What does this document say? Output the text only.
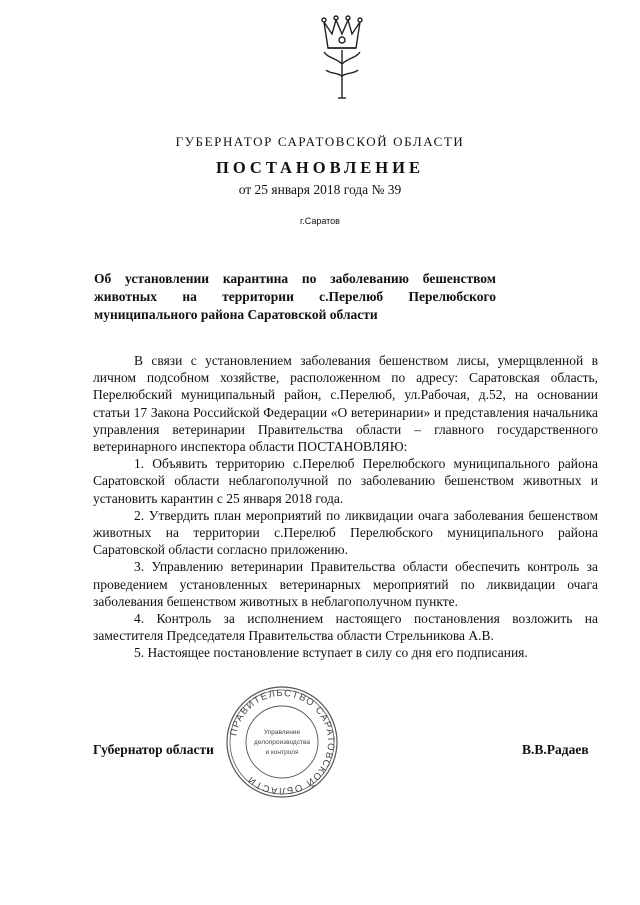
ГУБЕРНАТОР САРАТОВСКОЙ ОБЛАСТИ
ПОСТАНОВЛЕНИЕ
от 25 января 2018 года № 39
г.Саратов
Об установлении карантина по заболеванию бешенством
животных на территории с.Перелюб Перелюбского
муниципального района Саратовской области

В связи с установлением заболевания бешенством лисы, умерщвленной в личном подсобном хозяйстве, расположенном по адресу: Саратовская область, Перелюбский муниципальный район, с.Перелюб, ул.Рабочая, д.52, на основании статьи 17 Закона Российской Федерации «О ветеринарии» и представления начальника управления ветеринарии Правительства области – главного государственного ветеринарного инспектора области ПОСТАНОВЛЯЮ:

1. Объявить территорию с.Перелюб Перелюбского муниципального района Саратовской области неблагополучной по заболеванию бешенством животных и установить карантин с 25 января 2018 года.

2. Утвердить план мероприятий по ликвидации очага заболевания бешенством животных на территории с.Перелюб Перелюбского муниципального района Саратовской области согласно приложению.

3. Управлению ветеринарии Правительства области обеспечить контроль за проведением установленных ветеринарных мероприятий по ликвидации очага заболевания бешенством животных в неблагополучном пункте.

4. Контроль за исполнением настоящего постановления возложить на заместителя Председателя Правительства области Стрельникова А.В.

5. Настоящее постановление вступает в силу со дня его подписания.

ПРАВИТЕЛЬСТВО САРАТОВСКОЙ ОБЛАСТИ
Управление
делопроизводства
и контроля
Губернатор области	В.В.Радаев
